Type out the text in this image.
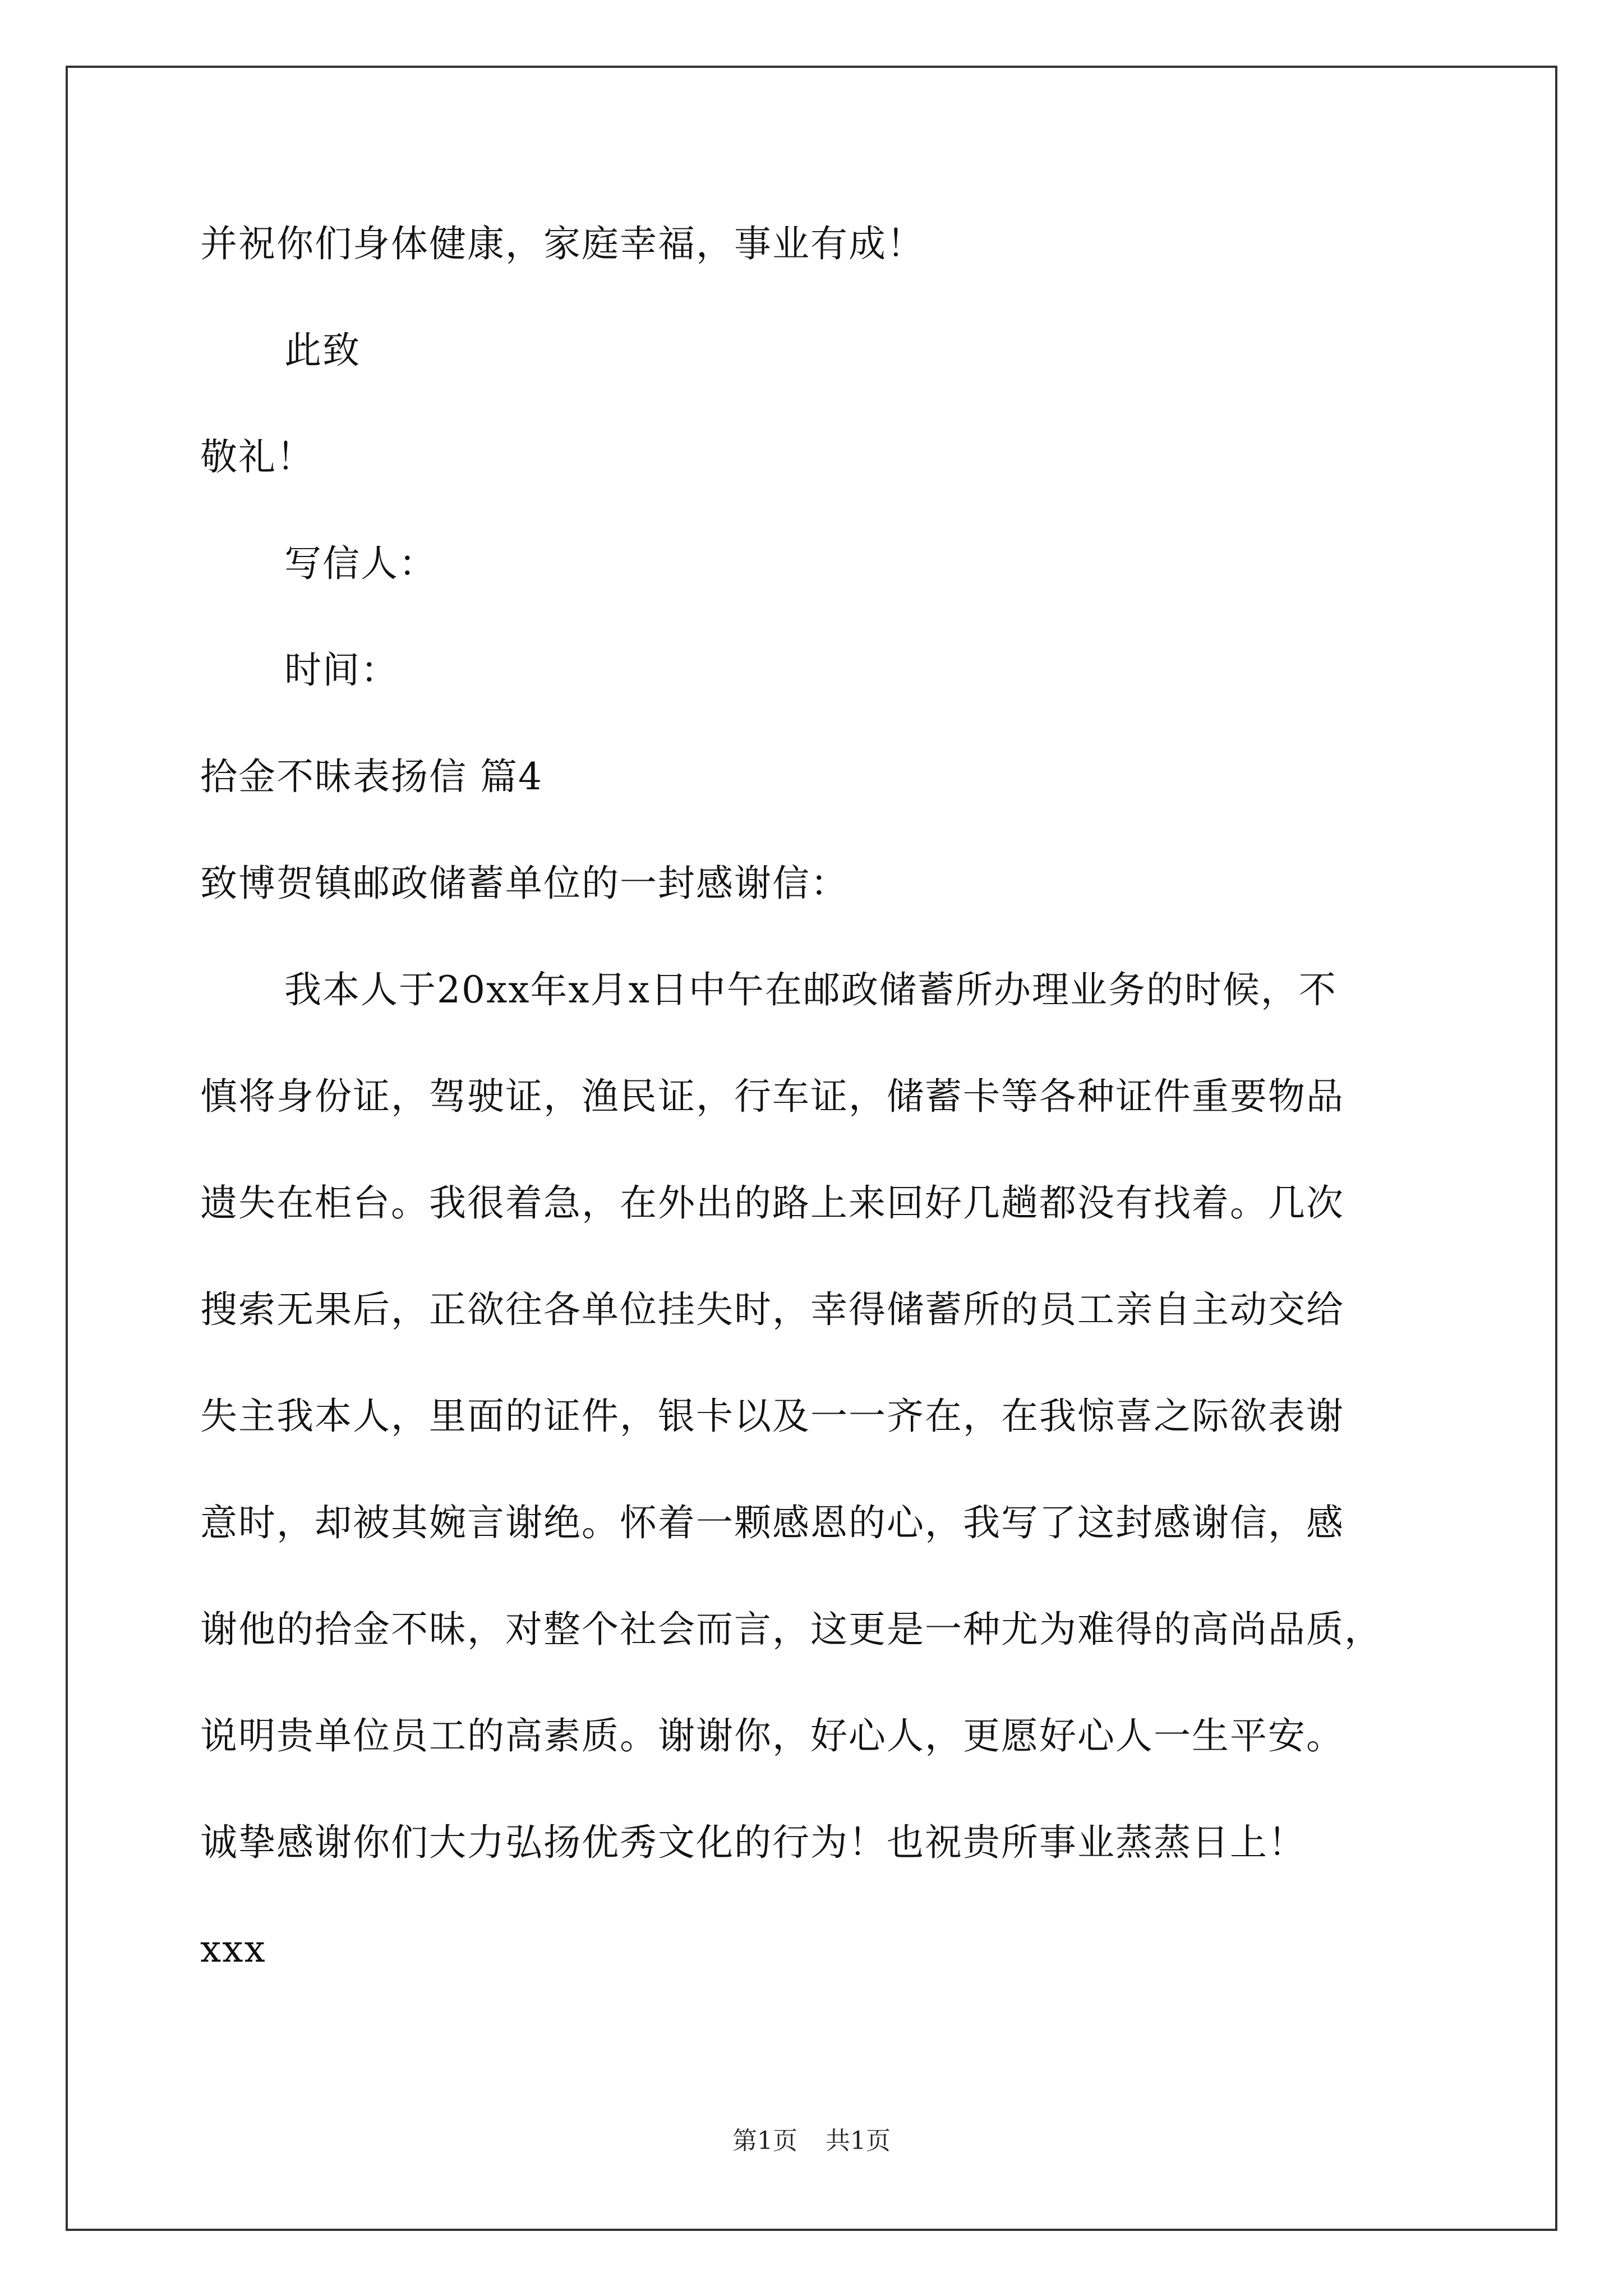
并祝你们身体健康，家庭幸福，事业有成！
此致
敬礼！
写信人：
时间：
拾金不昧表扬信 篇4
致博贺镇邮政储蓄单位的一封感谢信：
我本人于20xx年x月x日中午在邮政储蓄所办理业务的时候，不
慎将身份证，驾驶证，渔民证，行车证，储蓄卡等各种证件重要物品
遗失在柜台。我很着急，在外出的路上来回好几趟都没有找着。几次
搜索无果后，正欲往各单位挂失时，幸得储蓄所的员工亲自主动交给
失主我本人，里面的证件，银卡以及一一齐在，在我惊喜之际欲表谢
意时，却被其婉言谢绝。怀着一颗感恩的心，我写了这封感谢信，感
谢他的拾金不昧，对整个社会而言，这更是一种尤为难得的高尚品质，
说明贵单位员工的高素质。谢谢你，好心人，更愿好心人一生平安。
诚挚感谢你们大力弘扬优秀文化的行为！也祝贵所事业蒸蒸日上！
xxx
第1页 共1页
